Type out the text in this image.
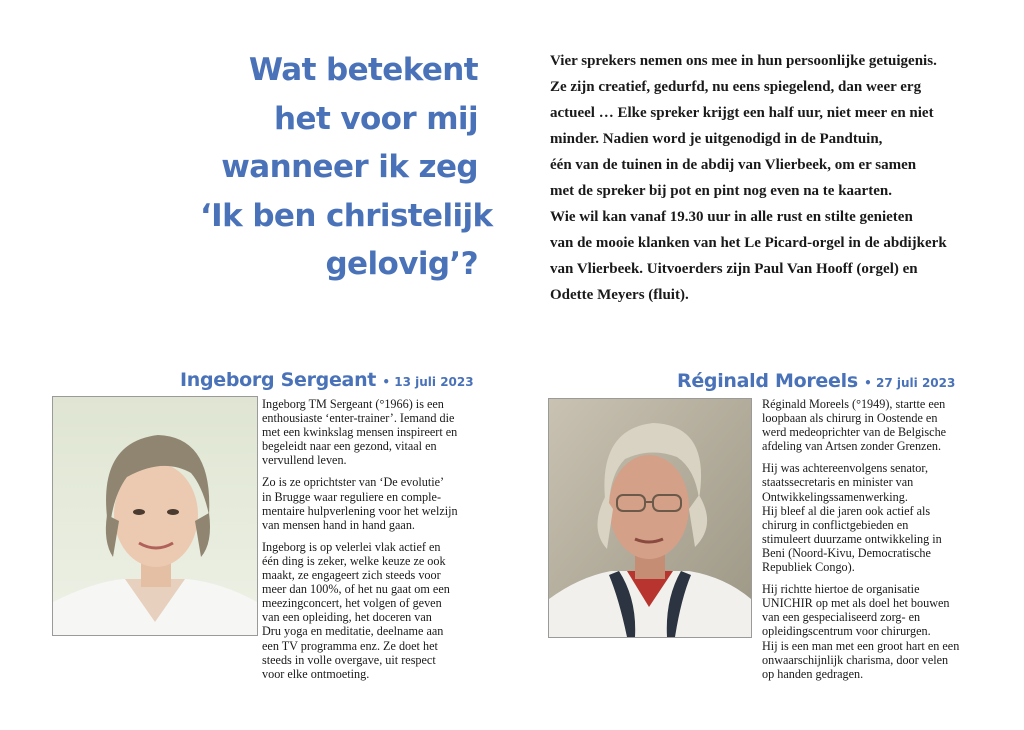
Wat betekent
het voor mij
wanneer ik zeg
‘Ik ben christelijk
gelovig’?
Vier sprekers nemen ons mee in hun persoonlijke getuigenis.
Ze zijn creatief, gedurfd, nu eens spiegelend, dan weer erg
actueel … Elke spreker krijgt een half uur, niet meer en niet
minder. Nadien word je uitgenodigd in de Pandtuin,
één van de tuinen in de abdij van Vlierbeek, om er samen
met de spreker bij pot en pint nog even na te kaarten.
Wie wil kan vanaf 19.30 uur in alle rust en stilte genieten
van de mooie klanken van het Le Picard-orgel in de abdijkerk
van Vlierbeek. Uitvoerders zijn Paul Van Hooff (orgel) en
Odette Meyers (fluit).
Ingeborg Sergeant • 13 juli 2023

Ingeborg TM Sergeant (°1966) is een
enthousiaste ‘enter-trainer’. Iemand die
met een kwinkslag mensen inspireert en
begeleidt naar een gezond, vitaal en
vervullend leven.

Zo is ze oprichtster van ‘De evolutie’
in Brugge waar reguliere en comple-
mentaire hulpverlening voor het welzijn
van mensen hand in hand gaan.

Ingeborg is op velerlei vlak actief en
één ding is zeker, welke keuze ze ook
maakt, ze engageert zich steeds voor
meer dan 100%, of het nu gaat om een
meezingconcert, het volgen of geven
van een opleiding, het doceren van
Dru yoga en meditatie, deelname aan
een TV programma enz. Ze doet het
steeds in volle overgave, uit respect
voor elke ontmoeting.

Réginald Moreels • 27 juli 2023

Réginald Moreels (°1949), startte een
loopbaan als chirurg in Oostende en
werd medeoprichter van de Belgische
afdeling van Artsen zonder Grenzen.

Hij was achtereenvolgens senator,
staatssecretaris en minister van
Ontwikkelingssamenwerking.
Hij bleef al die jaren ook actief als
chirurg in conflictgebieden en
stimuleert duurzame ontwikkeling in
Beni (Noord-Kivu, Democratische
Republiek Congo).

Hij richtte hiertoe de organisatie
UNICHIR op met als doel het bouwen
van een gespecialiseerd zorg- en
opleidingscentrum voor chirurgen.
Hij is een man met een groot hart en een
onwaarschijnlijk charisma, door velen
op handen gedragen.
